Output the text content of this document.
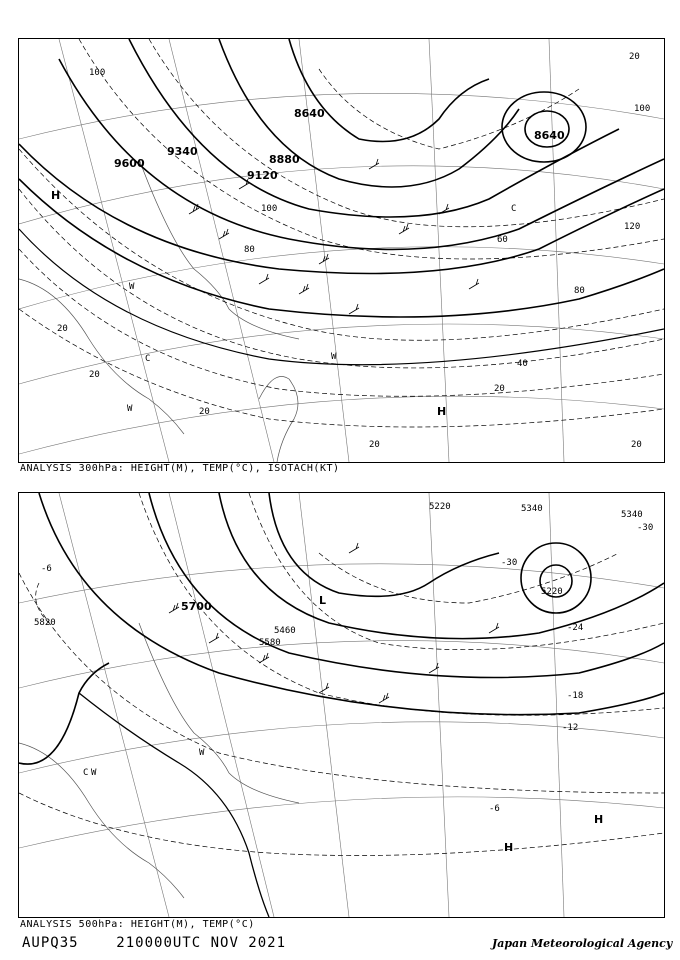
9600
9340
9120
8880
8640
8640
100
80
60
40
20
120
20
20
20
20	20
20
100
80
100
H
H
C
C
W
W
W
ANALYSIS 300hPa: HEIGHT(M), TEMP(°C), ISOTACH(KT)
5820
5700
5580
5460
5340
5220
5220
5340
-6
-12
-18
-24
-30
-30
-6
H
H
L
C
W
W
ANALYSIS 500hPa: HEIGHT(M), TEMP(°C)
AUPQ35	210000UTC NOV 2021	Japan Meteorological Agency
